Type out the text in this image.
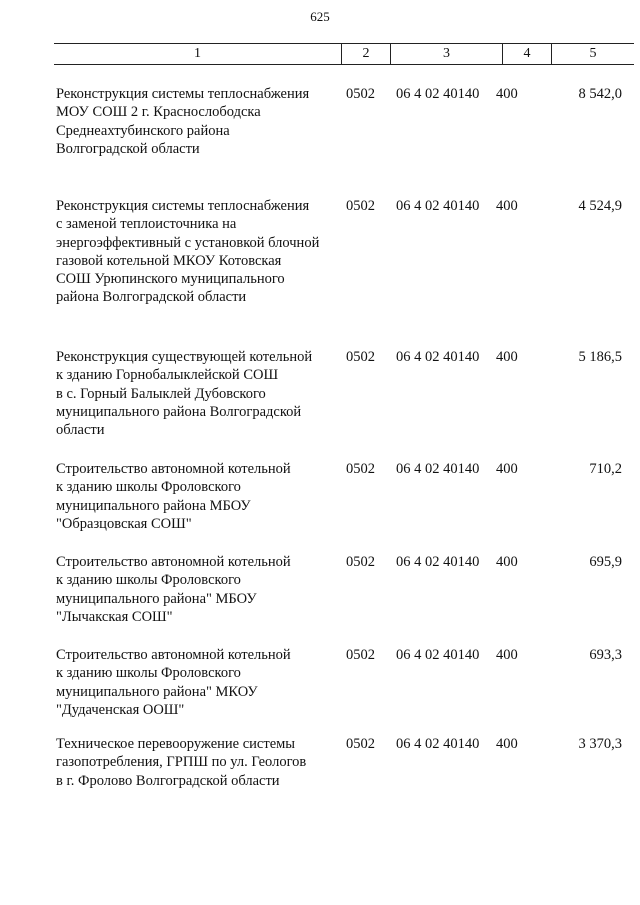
625
1	2	3	4	5
Реконструкция системы теплоснабжения
МОУ СОШ 2 г. Краснослободска
Среднеахтубинского района
Волгоградской области
0502 06 4 02 40140 400	8 542,0
Реконструкция системы теплоснабжения
с заменой теплоисточника на
энергоэффективный с установкой блочной
газовой котельной МКОУ Котовская
СОШ Урюпинского муниципального
района Волгоградской области
0502 06 4 02 40140 400	4 524,9
Реконструкция существующей котельной
к зданию Горнобалыклейской СОШ
в с. Горный Балыклей Дубовского
муниципального района Волгоградской
области
0502 06 4 02 40140 400	5 186,5
Строительство автономной котельной
к зданию школы Фроловского
муниципального района МБОУ
"Образцовская СОШ"
0502 06 4 02 40140 400	710,2
Строительство автономной котельной
к зданию школы Фроловского
муниципального района" МБОУ
"Лычакская СОШ"
0502 06 4 02 40140 400	695,9
Строительство автономной котельной
к зданию школы Фроловского
муниципального района" МКОУ
"Дудаченская ООШ"
0502 06 4 02 40140 400	693,3
Техническое перевооружение системы
газопотребления, ГРПШ по ул. Геологов
в г. Фролово Волгоградской области
0502 06 4 02 40140 400	3 370,3
